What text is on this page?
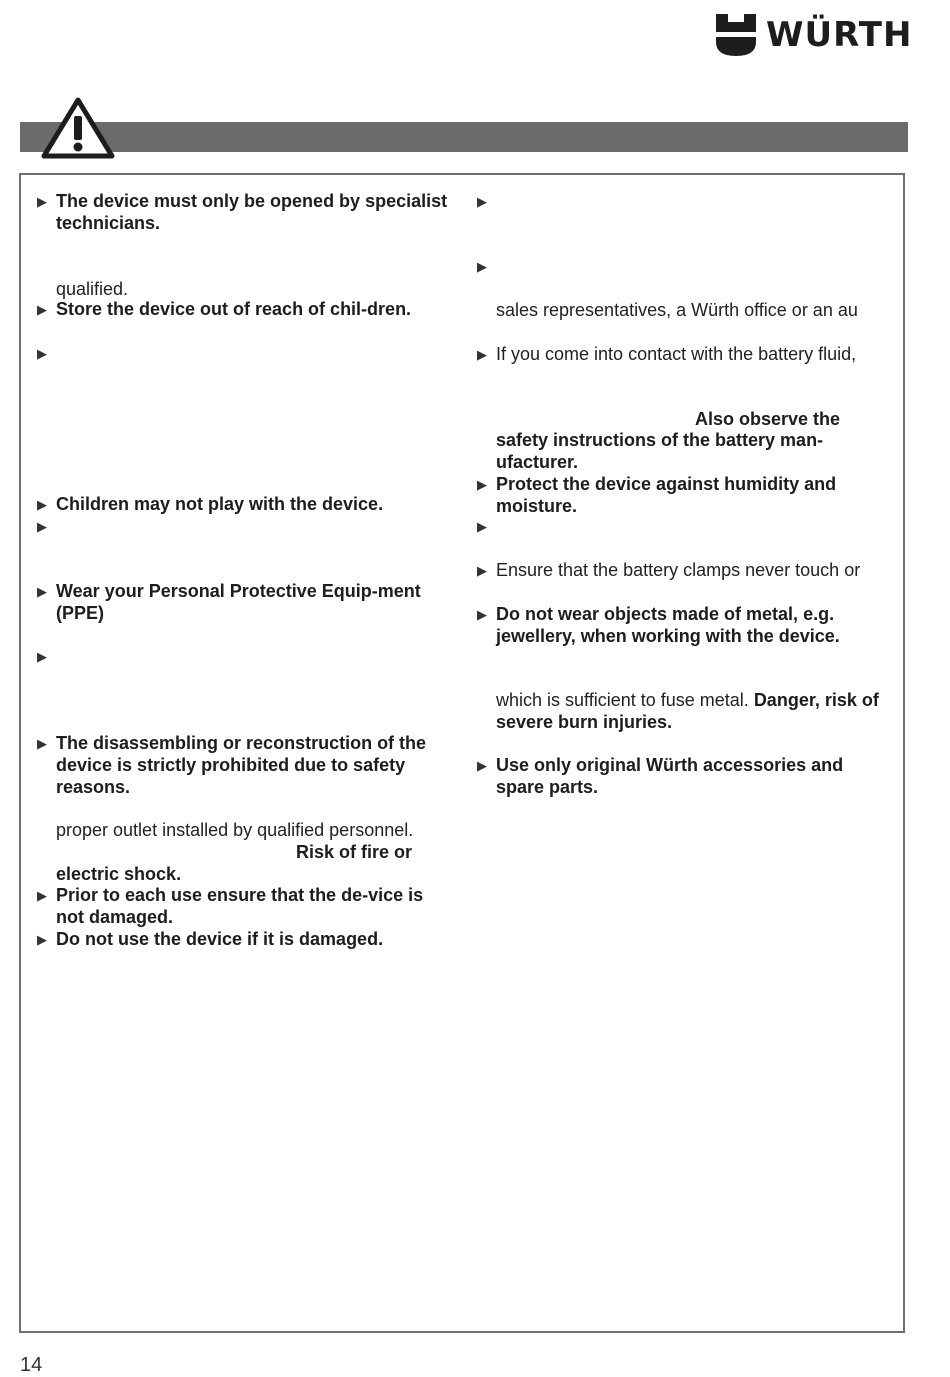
WÜRTH
▶ The device must only be opened by specialist technicians.
qualified.
▶ Store the device out of reach of chil-dren.
▶
▶ Children may not play with the device.
▶
▶ Wear your Personal Protective Equip-ment (PPE)
▶
▶ The disassembling or reconstruction of the device is strictly prohibited due to safety reasons.
proper outlet installed by qualified personnel.
Risk of fire or
electric shock.
▶ Prior to each use ensure that the de-vice is not damaged.
▶ Do not use the device if it is damaged.
▶
▶
sales representatives, a Würth office or an au
▶ If you come into contact with the battery fluid,
Also observe the
safety instructions of the battery man-ufacturer.
▶ Protect the device against humidity and moisture.
▶
▶ Ensure that the battery clamps never touch or
▶ Do not wear objects made of metal, e.g. jewellery, when working with the device.
which is sufficient to fuse metal. Danger, risk of severe burn injuries.
▶ Use only original Würth accessories and spare parts.
14
